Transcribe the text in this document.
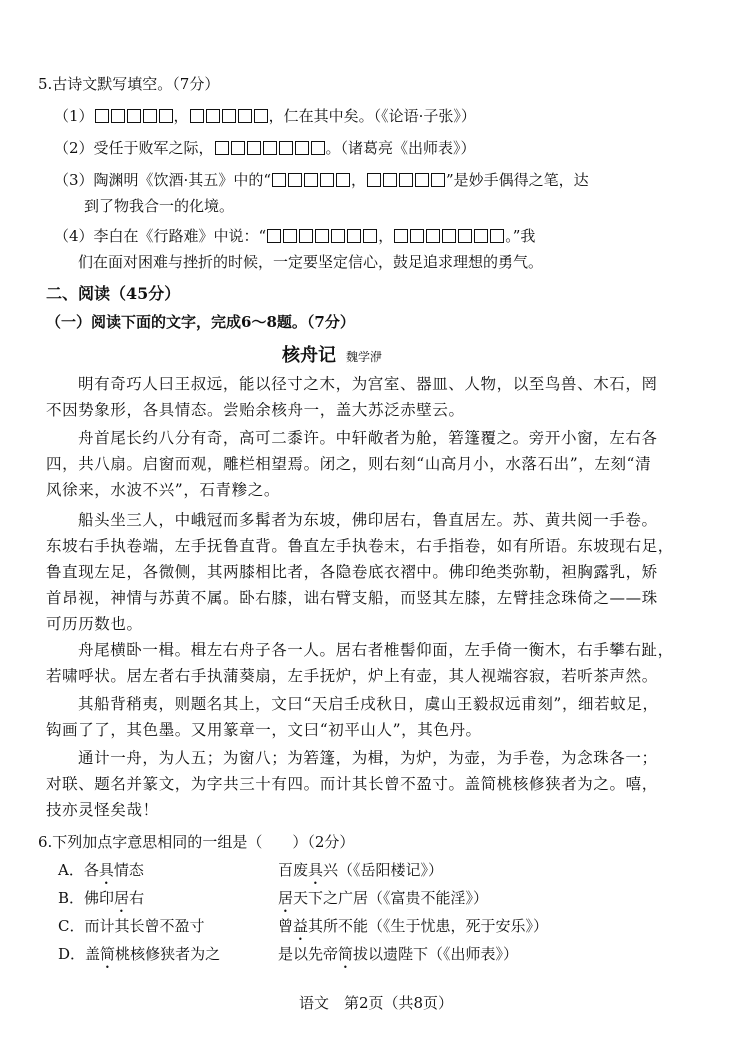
5.古诗文默写填空。（7分）
（1）	，	，仁在其中矣。（《论语·子张》）
（2）受任于败军之际，	。（诸葛亮《出师表》）
（3）陶渊明《饮酒·其五》中的“	，	”是妙手偶得之笔，达
到了物我合一的化境。
（4）李白在《行路难》中说：“	，	。”我
们在面对困难与挫折的时候，一定要坚定信心，鼓足追求理想的勇气。
二、阅读（45分）
（一）阅读下面的文字，完成6～8题。（7分）
核舟记 魏学洢
明有奇巧人曰王叔远，能以径寸之木，为宫室、器皿、人物，以至鸟兽、木石，罔
不因势象形，各具情态。尝贻余核舟一，盖大苏泛赤壁云。
舟首尾长约八分有奇，高可二黍许。中轩敞者为舱，箬篷覆之。旁开小窗，左右各
四，共八扇。启窗而观，雕栏相望焉。闭之，则右刻“山高月小，水落石出”，左刻“清
风徐来，水波不兴”，石青糁之。
船头坐三人，中峨冠而多髯者为东坡，佛印居右，鲁直居左。苏、黄共阅一手卷。
东坡右手执卷端，左手抚鲁直背。鲁直左手执卷末，右手指卷，如有所语。东坡现右足，
鲁直现左足，各微侧，其两膝相比者，各隐卷底衣褶中。佛印绝类弥勒，袒胸露乳，矫
首昂视，神情与苏黄不属。卧右膝，诎右臂支船，而竖其左膝，左臂挂念珠倚之——珠
可历历数也。
舟尾横卧一楫。楫左右舟子各一人。居右者椎髻仰面，左手倚一衡木，右手攀右趾，
若啸呼状。居左者右手执蒲葵扇，左手抚炉，炉上有壶，其人视端容寂，若听茶声然。
其船背稍夷，则题名其上，文曰“天启壬戌秋日，虞山王毅叔远甫刻”，细若蚊足，
钩画了了，其色墨。又用篆章一，文曰“初平山人”，其色丹。
通计一舟，为人五；为窗八；为箬篷，为楫，为炉，为壶，为手卷，为念珠各一；
对联、题名并篆文，为字共三十有四。而计其长曾不盈寸。盖简桃核修狭者为之。嘻，
技亦灵怪矣哉！
6.下列加点字意思相同的一组是（　　）（2分）
A．各具情态	百废具兴（《岳阳楼记》）
B．佛印居右	居天下之广居（《富贵不能淫》）
C．而计其长曾不盈寸	曾益其所不能（《生于忧患，死于安乐》）
D．盖简桃核修狭者为之	是以先帝简拔以遗陛下（《出师表》）
语文　第2页（共8页）
